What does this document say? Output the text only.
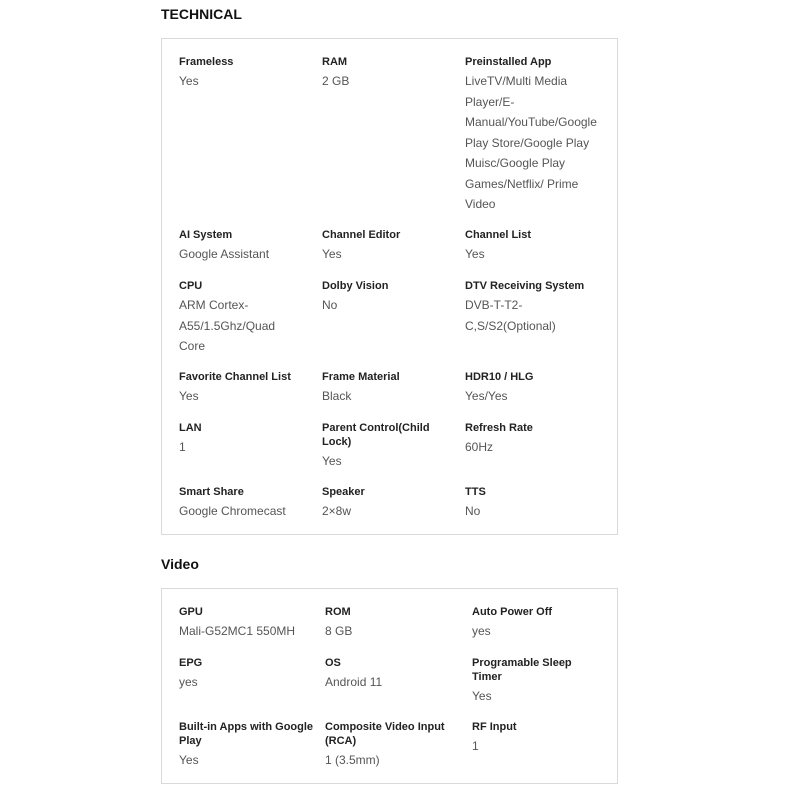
TECHNICAL
Frameless
Yes
RAM
2 GB
Preinstalled App
LiveTV/Multi Media Player/E-Manual/YouTube/Google Play Store/Google Play Muisc/Google Play Games/Netflix/ Prime Video
AI System
Google Assistant
Channel Editor
Yes
Channel List
Yes
CPU
ARM Cortex-A55/1.5Ghz/Quad Core
Dolby Vision
No
DTV Receiving System
DVB-T-T2-C,S/S2(Optional)
Favorite Channel List
Yes
Frame Material
Black
HDR10 / HLG
Yes/Yes
LAN
1
Parent Control(Child Lock)
Yes
Refresh Rate
60Hz
Smart Share
Google Chromecast
Speaker
2×8w
TTS
No
Video
GPU
Mali-G52MC1 550MH
ROM
8 GB
Auto Power Off
yes
EPG
yes
OS
Android 11
Programable Sleep Timer
Yes
Built-in Apps with Google Play
Yes
Composite Video Input (RCA)
1 (3.5mm)
RF Input
1
